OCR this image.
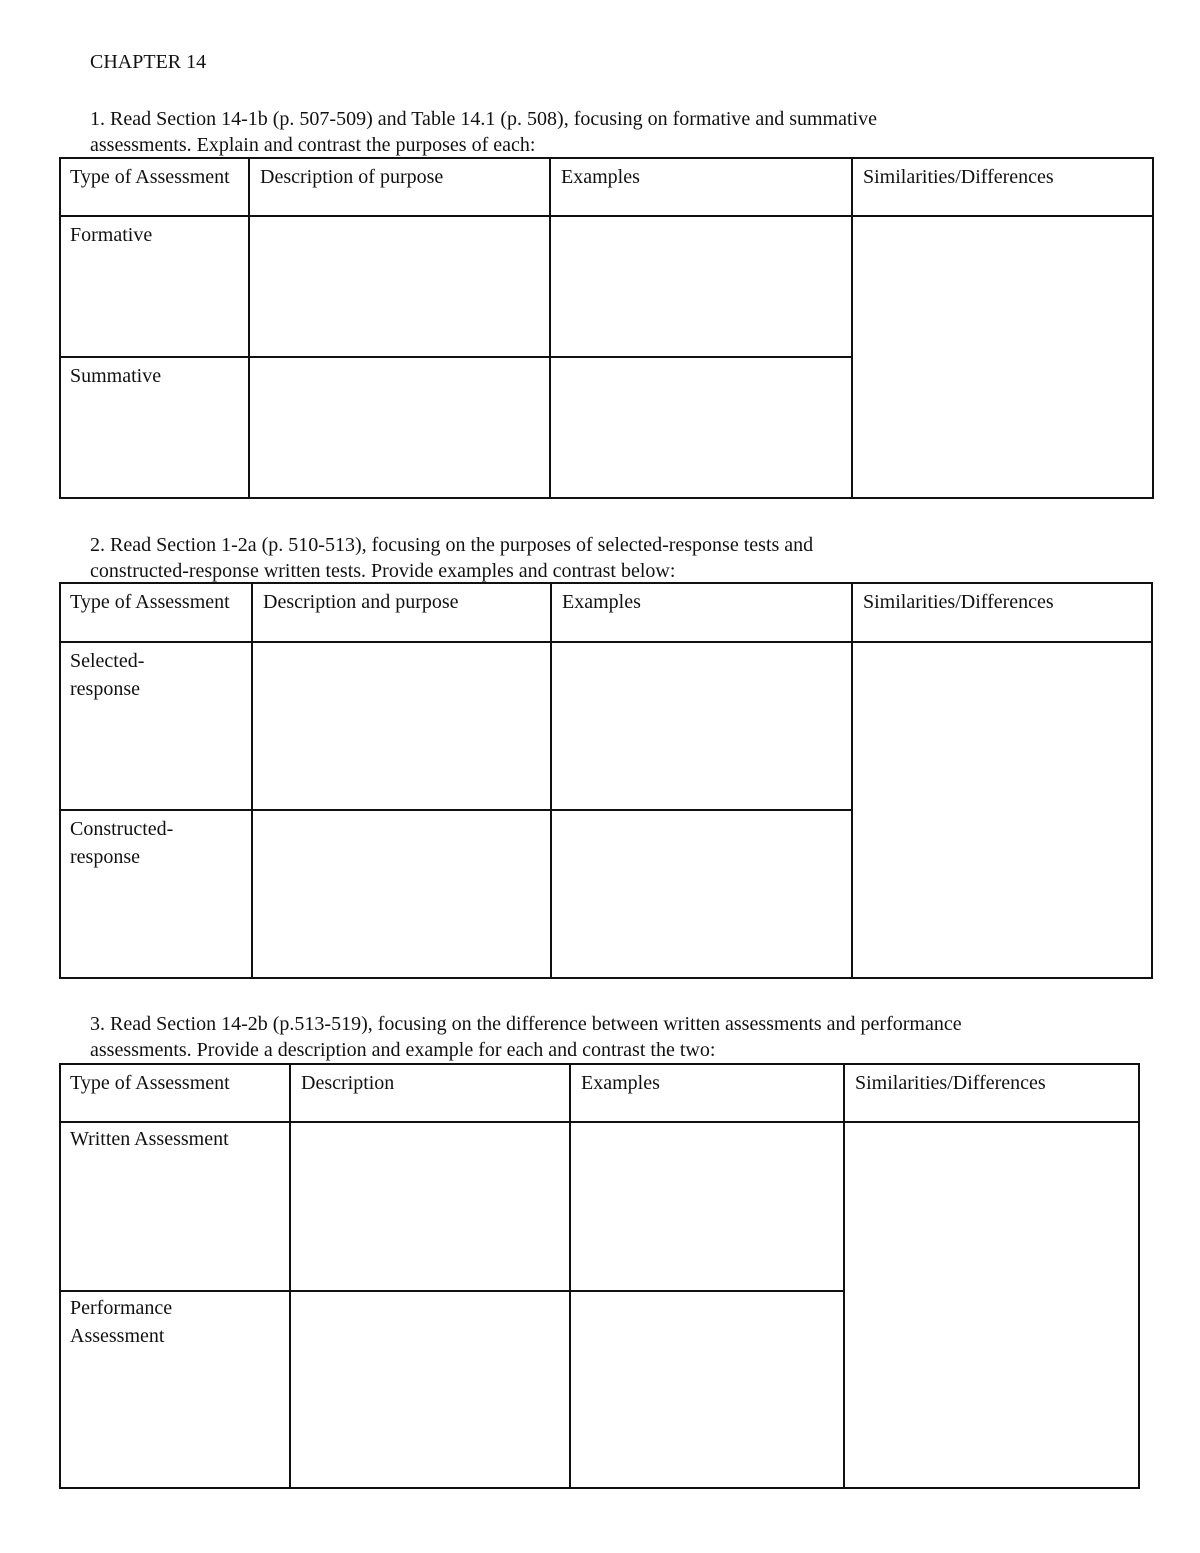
CHAPTER 14
1. Read Section 14-1b (p. 507-509) and Table 14.1 (p. 508), focusing on formative and summative
assessments. Explain and contrast the purposes of each:
Type of Assessment	Description of purpose	Examples	Similarities/Differences
Formative
Summative
2. Read Section 1-2a (p. 510-513), focusing on the purposes of selected-response tests and
constructed-response written tests. Provide examples and contrast below:
Type of Assessment	Description and purpose	Examples	Similarities/Differences
Selected-response
Constructed-response
3. Read Section 14-2b (p.513-519), focusing on the difference between written assessments and performance
assessments. Provide a description and example for each and contrast the two:
Type of Assessment	Description	Examples	Similarities/Differences
Written Assessment
Performance Assessment
